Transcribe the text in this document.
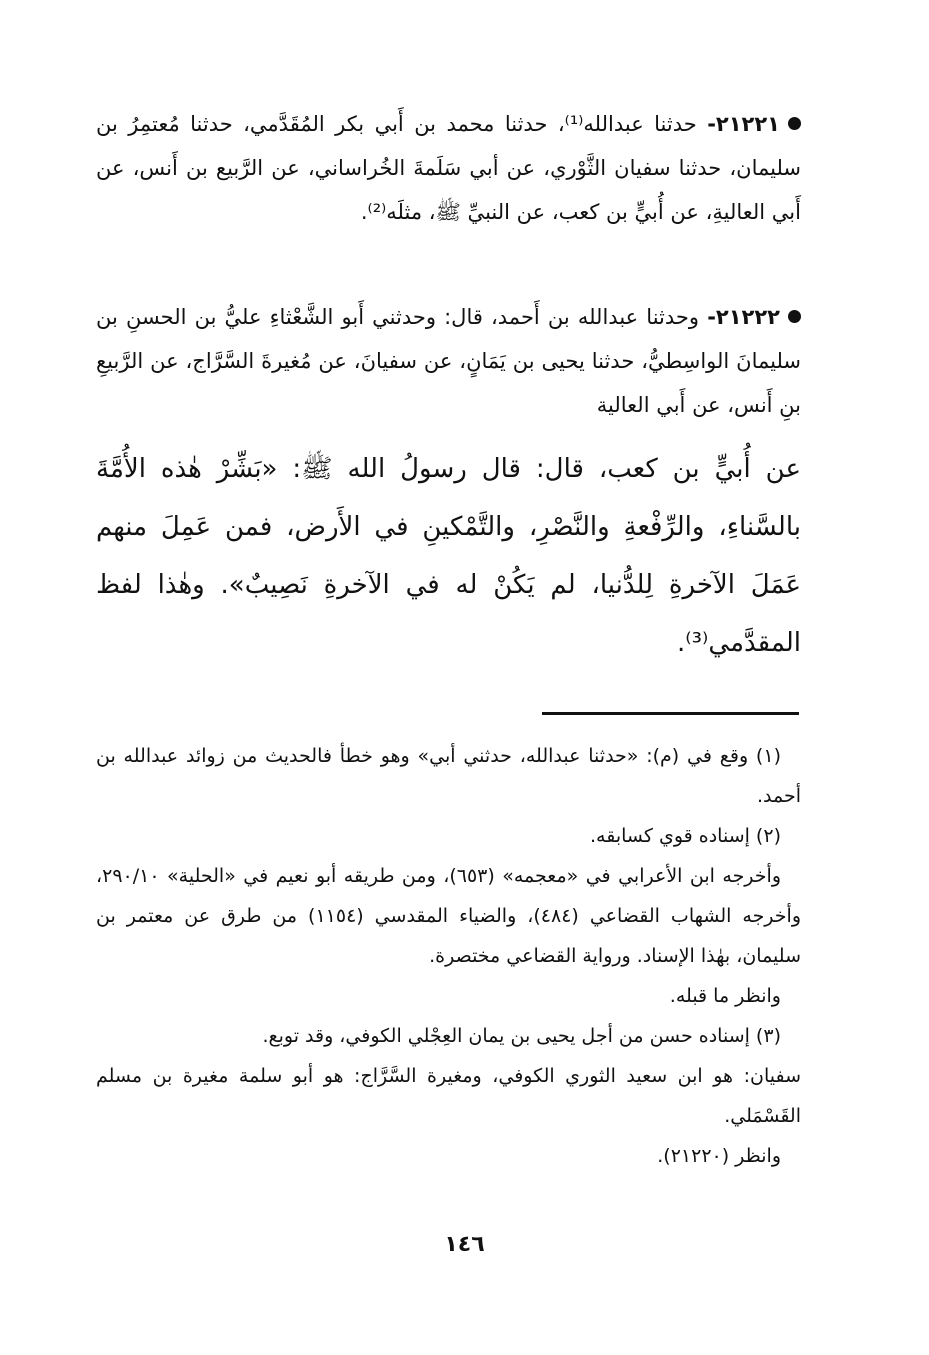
٢١٢٢١- حدثنا عبدالله⁽¹⁾، حدثنا محمد بن أَبي بكر المُقَدَّمي، حدثنا مُعتمِرُ بن سليمان، حدثنا سفيان الثَّوْري، عن أبي سَلَمةَ الخُراساني، عن الرَّبيع بن أَنس، عن أَبي العاليةِ، عن أُبيٍّ بن كعب، عن النبيِّ ﷺ، مثلَه⁽²⁾.

٢١٢٢٢- وحدثنا عبدالله بن أَحمد، قال: وحدثني أَبو الشَّعْثاءِ عليُّ بن الحسنِ بن سليمانَ الواسِطيُّ، حدثنا يحيى بن يَمَانٍ، عن سفيانَ، عن مُغيرةَ السَّرَّاج، عن الرَّبيعِ بنِ أَنس، عن أَبي العالية

عن أُبيٍّ بن كعب، قال: قال رسولُ الله ﷺ: «بَشِّرْ هٰذه الأُمَّةَ بالسَّناءِ، والرِّفْعةِ والنَّصْرِ، والتَّمْكينِ في الأَرض، فمن عَمِلَ منهم عَمَلَ الآخرةِ لِلدُّنيا، لم يَكُنْ له في الآخرةِ نَصِيبٌ». وهٰذا لفظ المقدَّمي⁽³⁾.

(١) وقع في (م): «حدثنا عبدالله، حدثني أبي» وهو خطأ فالحديث من زوائد عبدالله بن أحمد.

(٢) إسناده قوي كسابقه.

وأخرجه ابن الأعرابي في «معجمه» (٦٥٣)، ومن طريقه أبو نعيم في «الحلية» ٢٩٠/١٠، وأخرجه الشهاب القضاعي (٤٨٤)، والضياء المقدسي (١١٥٤) من طرق عن معتمر بن سليمان، بهٰذا الإسناد. ورواية القضاعي مختصرة.

وانظر ما قبله.

(٣) إسناده حسن من أجل يحيى بن يمان العِجْلي الكوفي، وقد توبع.

سفيان: هو ابن سعيد الثوري الكوفي، ومغيرة السَّرَّاج: هو أبو سلمة مغيرة بن مسلم القَسْمَلي.

وانظر (٢١٢٢٠).

١٤٦
